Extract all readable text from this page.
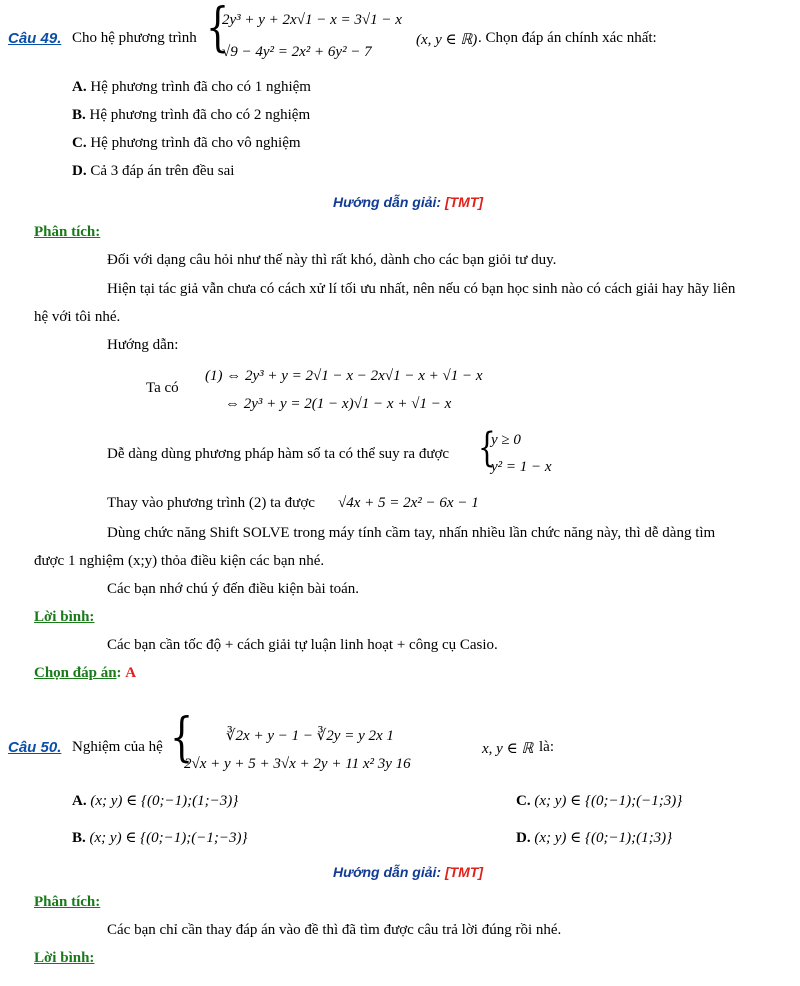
Câu 49. Cho hệ phương trình {
2y³ + y + 2x√1 − x = 3√1 − x
√9 − 4y² = 2x² + 6y² − 7
(x, y ∈ ℝ) . Chọn đáp án chính xác nhất:
A. Hệ phương trình đã cho có 1 nghiệm
B. Hệ phương trình đã cho có 2 nghiệm
C. Hệ phương trình đã cho vô nghiệm
D. Cả 3 đáp án trên đều sai
Hướng dẫn giải: [TMT]
Phân tích:
Đối với dạng câu hỏi như thế này thì rất khó, dành cho các bạn giỏi tư duy.
Hiện tại tác giả vẫn chưa có cách xử lí tối ưu nhất, nên nếu có bạn học sinh nào có cách giải hay hãy liên
hệ với tôi nhé.
Hướng dẫn:
Ta có
(1) ⇔ 2y³ + y = 2√1 − x − 2x√1 − x + √1 − x
⇔ 2y³ + y = 2(1 − x)√1 − x + √1 − x
Dễ dàng dùng phương pháp hàm số ta có thể suy ra được {
y ≥ 0
y² = 1 − x
Thay vào phương trình (2) ta được √4x + 5 = 2x² − 6x − 1
Dùng chức năng Shift SOLVE trong máy tính cầm tay, nhấn nhiều lần chức năng này, thì dễ dàng tìm
được 1 nghiệm (x;y) thỏa điều kiện các bạn nhé.
Các bạn nhớ chú ý đến điều kiện bài toán.
Lời bình:
Các bạn cần tốc độ + cách giải tự luận linh hoạt + công cụ Casio.
Chọn đáp án: A
Câu 50. Nghiệm của hệ { ∛2x + y − 1 − ∛2y = y 2x 1
2√x + y + 5 + 3√x + 2y + 11 x² 3y 16
x, y ∈ ℝ là:
A. (x; y) ∈ {(0;−1);(1;−3)}	C. (x; y) ∈ {(0;−1);(−1;3)}
B. (x; y) ∈ {(0;−1);(−1;−3)}	D. (x; y) ∈ {(0;−1);(1;3)}
Hướng dẫn giải: [TMT]
Phân tích:
Các bạn chỉ cần thay đáp án vào đề thì đã tìm được câu trả lời đúng rồi nhé.
Lời bình:
